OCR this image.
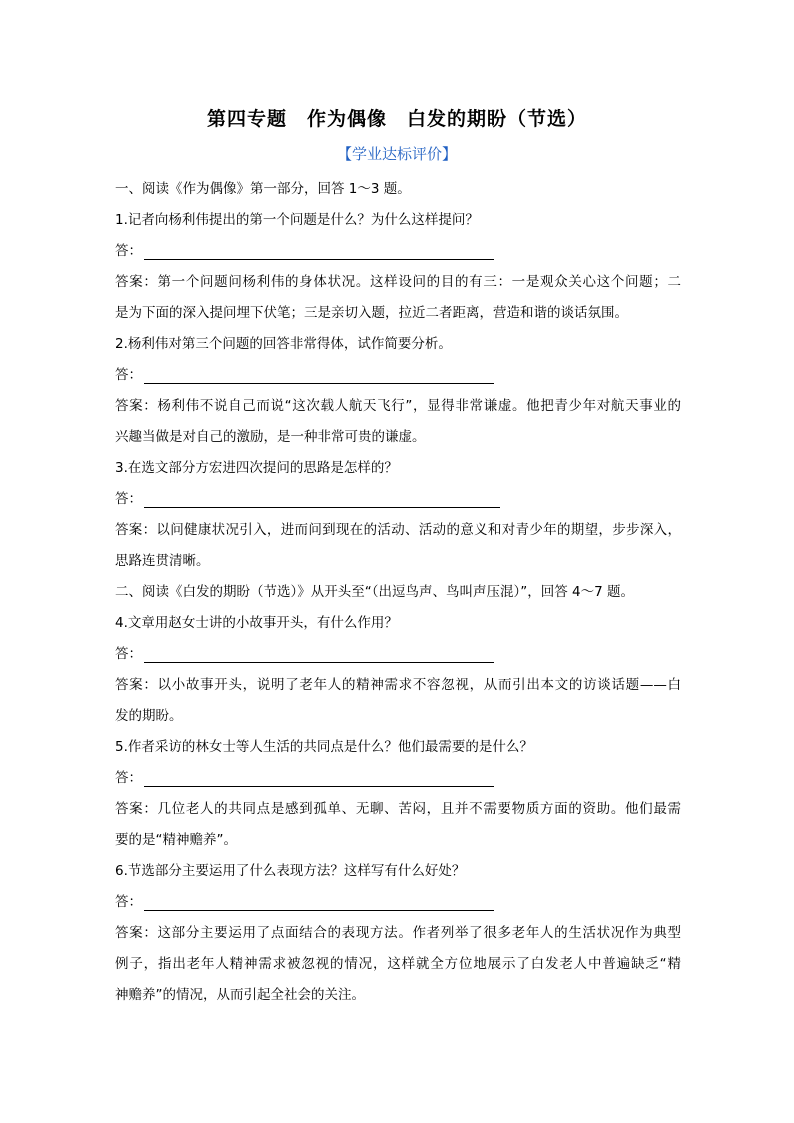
第四专题　作为偶像　白发的期盼（节选）
【学业达标评价】
一、阅读《作为偶像》第一部分，回答 1～3 题。
1.记者向杨利伟提出的第一个问题是什么？为什么这样提问？
答：
答案：第一个问题问杨利伟的身体状况。这样设问的目的有三：一是观众关心这个问题；二
是为下面的深入提问埋下伏笔；三是亲切入题，拉近二者距离，营造和谐的谈话氛围。
2.杨利伟对第三个问题的回答非常得体，试作简要分析。
答：
答案：杨利伟不说自己而说“这次载人航天飞行”，显得非常谦虚。他把青少年对航天事业的
兴趣当做是对自己的激励，是一种非常可贵的谦虚。
3.在选文部分方宏进四次提问的思路是怎样的？
答：
答案：以问健康状况引入，进而问到现在的活动、活动的意义和对青少年的期望，步步深入，
思路连贯清晰。
二、阅读《白发的期盼（节选）》从开头至“（出逗鸟声、鸟叫声压混）”，回答 4～7 题。
4.文章用赵女士讲的小故事开头，有什么作用？
答：
答案：以小故事开头，说明了老年人的精神需求不容忽视，从而引出本文的访谈话题——白
发的期盼。
5.作者采访的林女士等人生活的共同点是什么？他们最需要的是什么？
答：
答案：几位老人的共同点是感到孤单、无聊、苦闷，且并不需要物质方面的资助。他们最需
要的是“精神赡养”。
6.节选部分主要运用了什么表现方法？这样写有什么好处？
答：
答案：这部分主要运用了点面结合的表现方法。作者列举了很多老年人的生活状况作为典型
例子，指出老年人精神需求被忽视的情况，这样就全方位地展示了白发老人中普遍缺乏“精
神赡养”的情况，从而引起全社会的关注。
